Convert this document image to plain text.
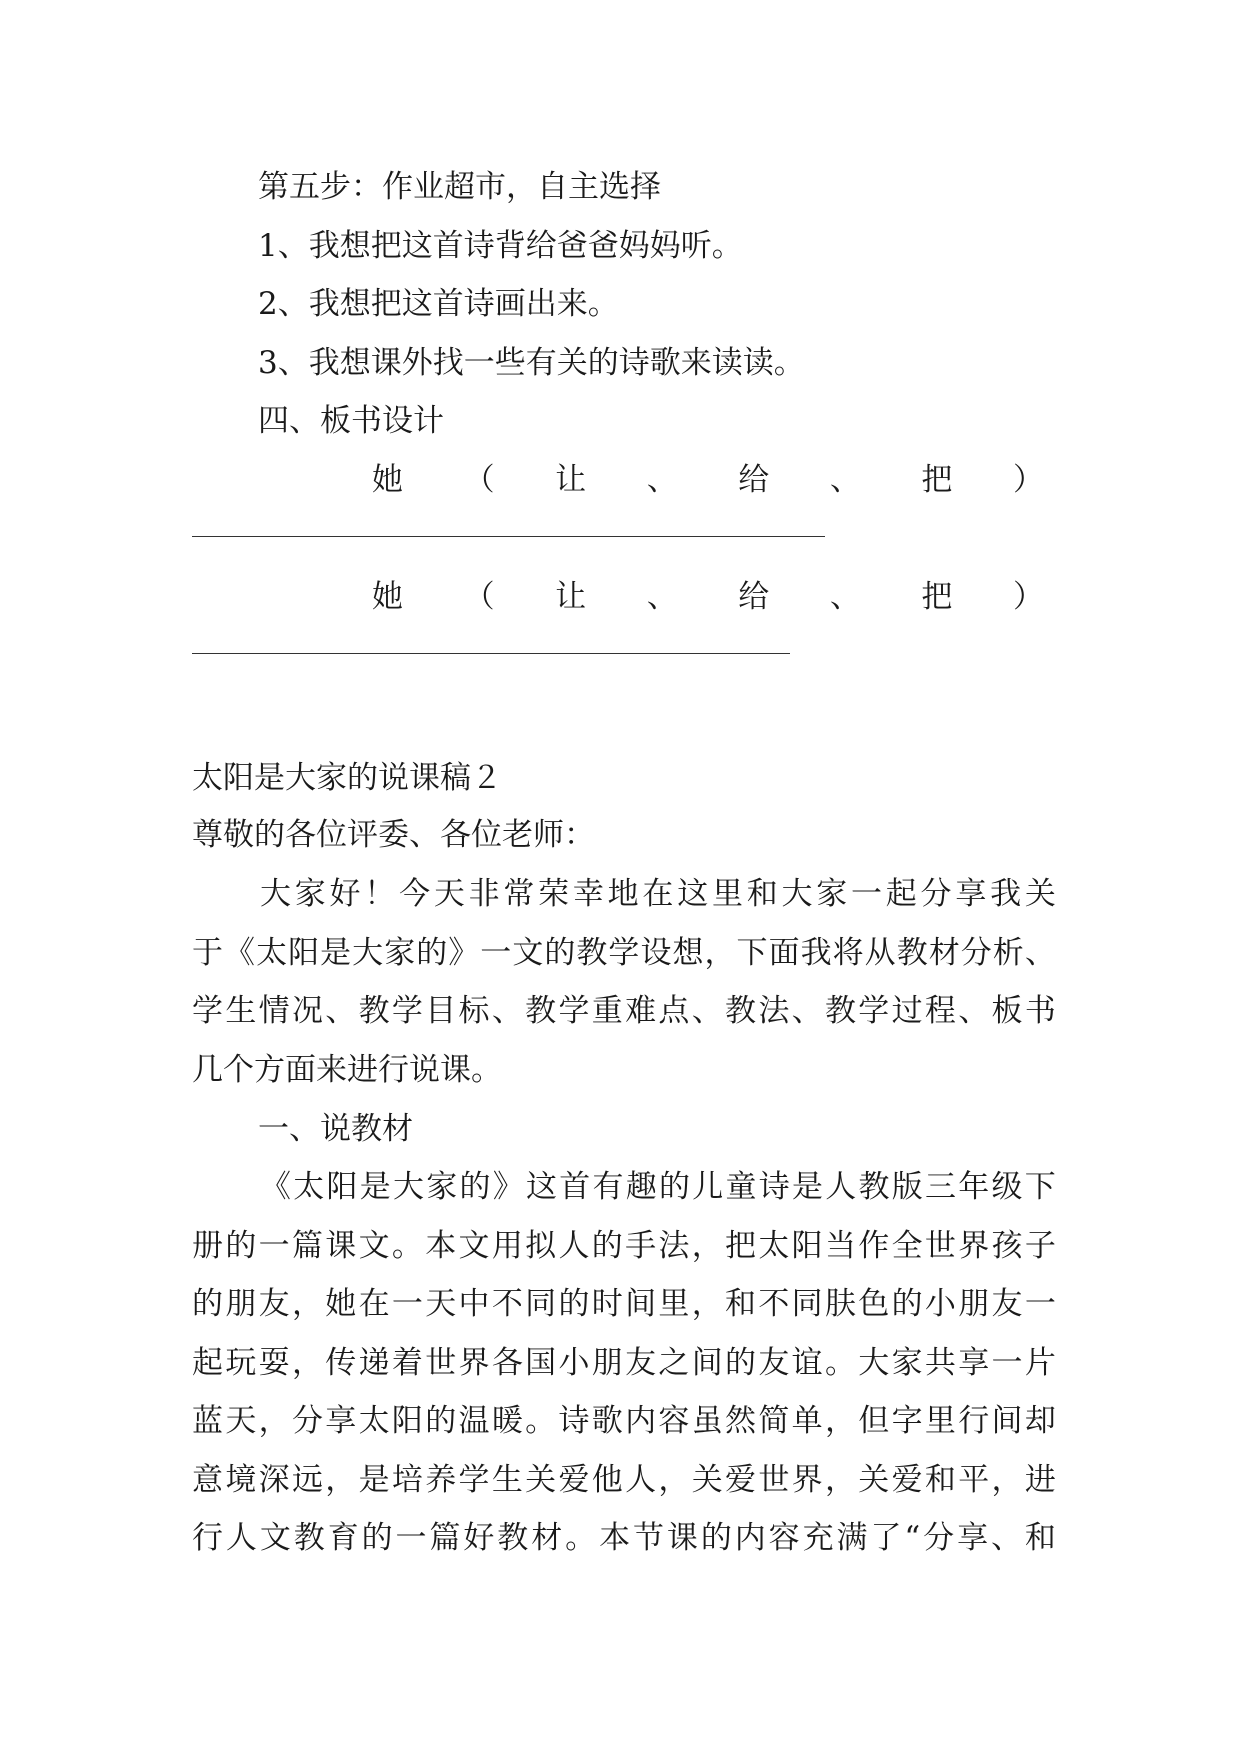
第五步：作业超市，自主选择
1、我想把这首诗背给爸爸妈妈听。
2、我想把这首诗画出来。
3、我想课外找一些有关的诗歌来读读。
四、板书设计
她 （ 让 、 给 、 把 ）
她 （ 让 、 给 、 把 ）
太阳是大家的说课稿２
尊敬的各位评委、各位老师：
大 家 好 ！ 今 天 非 常 荣 幸 地 在 这 里 和 大 家 一 起 分 享 我 关
于 《 太 阳 是 大 家 的 》 一 文 的 教 学 设 想 ， 下 面 我 将 从 教 材 分 析 、
学 生 情 况 、 教 学 目 标 、 教 学 重 难 点 、 教 法 、 教 学 过 程 、 板 书
几个方面来进行说课。
一、说教材
《 太 阳 是 大 家 的 》 这 首 有 趣 的 儿 童 诗 是 人 教 版 三 年 级 下
册 的 一 篇 课 文 。 本 文 用 拟 人 的 手 法 ， 把 太 阳 当 作 全 世 界 孩 子
的 朋 友 ， 她 在 一 天 中 不 同 的 时 间 里 ， 和 不 同 肤 色 的 小 朋 友 一
起 玩 耍 ， 传 递 着 世 界 各 国 小 朋 友 之 间 的 友 谊 。 大 家 共 享 一 片
蓝 天 ， 分 享 太 阳 的 温 暖 。 诗 歌 内 容 虽 然 简 单 ， 但 字 里 行 间 却
意 境 深 远 ， 是 培 养 学 生 关 爱 他 人 ， 关 爱 世 界 ， 关 爱 和 平 ， 进
行 人 文 教 育 的 一 篇 好 教 材 。 本 节 课 的 内 容 充 满 了 “ 分 享 、 和
